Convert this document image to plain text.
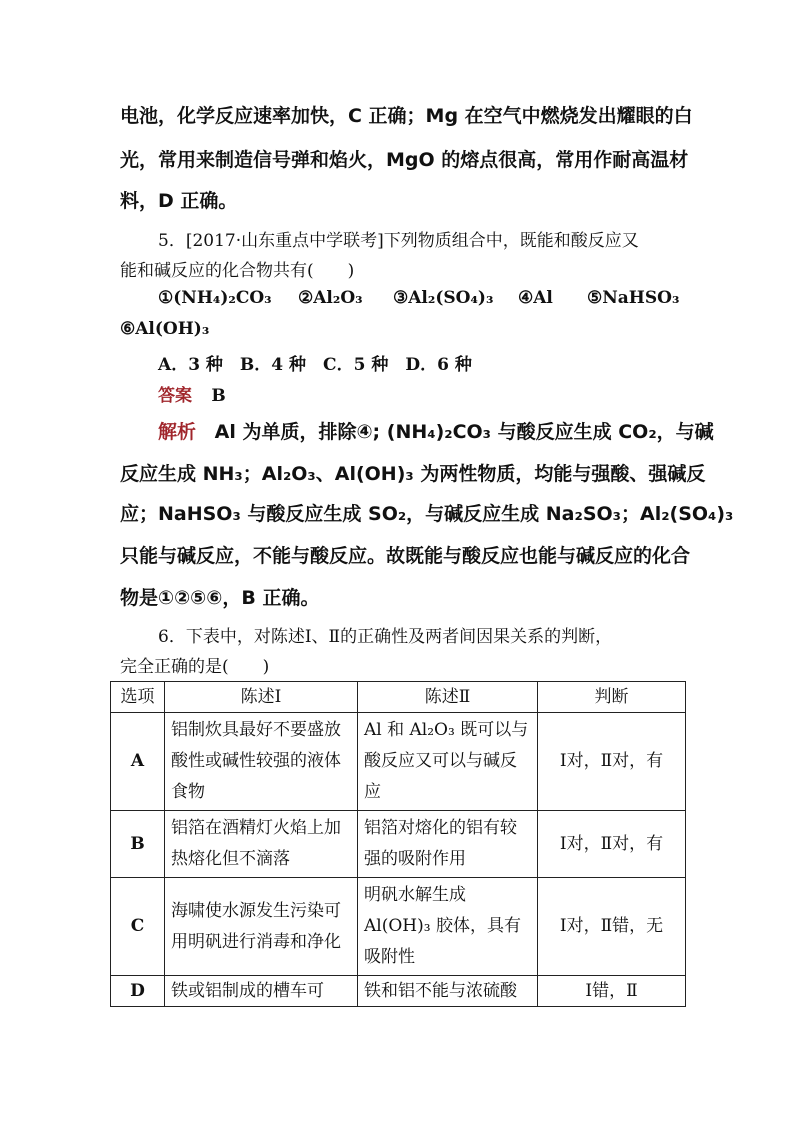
电池，化学反应速率加快，C 正确；Mg 在空气中燃烧发出耀眼的白
光，常用来制造信号弹和焰火，MgO 的熔点很高，常用作耐高温材
料，D 正确。
5．[2017·山东重点中学联考]下列物质组合中，既能和酸反应又
能和碱反应的化合物共有(　　)
①(NH₄)₂CO₃ ②Al₂O₃ ③Al₂(SO₄)₃ ④Al ⑤NaHSO₃
⑥Al(OH)₃
A．3 种　B．4 种　C．5 种　D．6 种
答案 B
解析 Al 为单质，排除④; (NH₄)₂CO₃ 与酸反应生成 CO₂，与碱
反应生成 NH₃；Al₂O₃、Al(OH)₃ 为两性物质，均能与强酸、强碱反
应；NaHSO₃ 与酸反应生成 SO₂，与碱反应生成 Na₂SO₃；Al₂(SO₄)₃
只能与碱反应，不能与酸反应。故既能与酸反应也能与碱反应的化合
物是①②⑤⑥，B 正确。
6．下表中，对陈述Ⅰ、Ⅱ的正确性及两者间因果关系的判断，
完全正确的是(　　)
选项	陈述Ⅰ	陈述Ⅱ	判断
A	铝制炊具最好不要盛放酸性或碱性较强的液体食物	Al 和 Al₂O₃ 既可以与酸反应又可以与碱反应	Ⅰ对，Ⅱ对，有
B	铝箔在酒精灯火焰上加热熔化但不滴落	铝箔对熔化的铝有较强的吸附作用	Ⅰ对，Ⅱ对，有
C	海啸使水源发生污染可用明矾进行消毒和净化	明矾水解生成Al(OH)₃ 胶体，具有吸附性	Ⅰ对，Ⅱ错，无
D	铁或铝制成的槽车可	铁和铝不能与浓硫酸	Ⅰ错，Ⅱ
